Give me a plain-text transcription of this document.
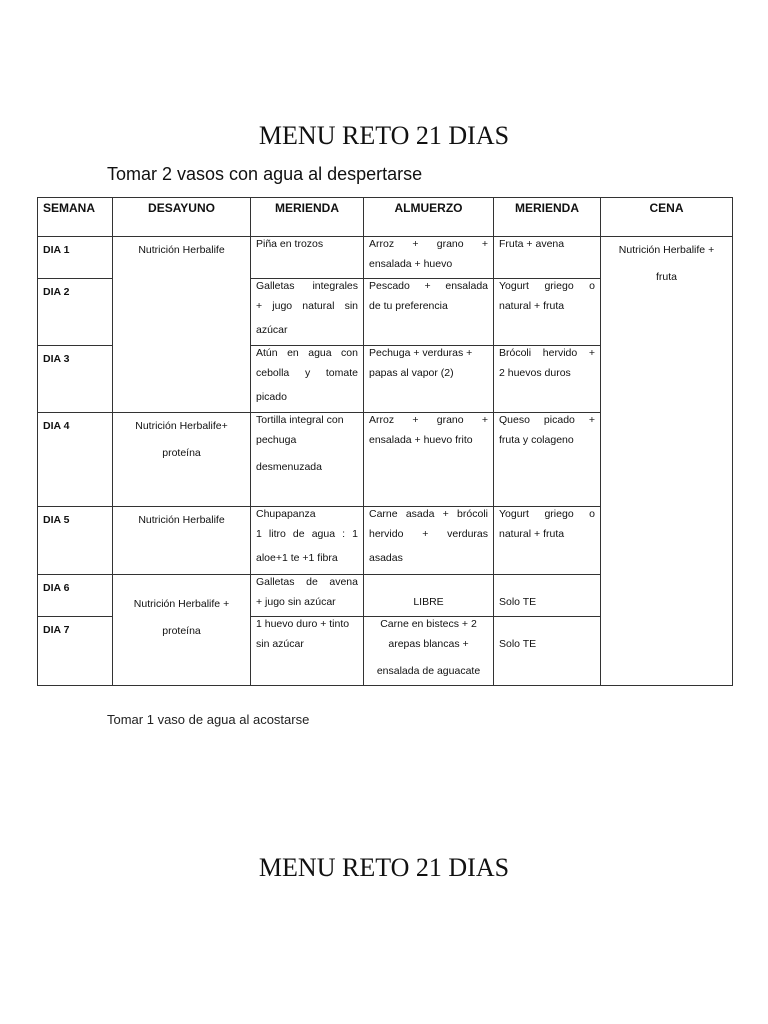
MENU RETO 21 DIAS
Tomar 2 vasos con agua al despertarse
SEMANA	DESAYUNO	MERIENDA	ALMUERZO	MERIENDA	CENA
DIA 1	Nutrición Herbalife	Piña en trozos	Arroz + grano +
ensalada + huevo	Fruta + avena	Nutrición Herbalife +
fruta

DIA 2		Galletas integrales
+ jugo natural sin
azúcar	Pescado + ensalada
de tu preferencia	Yogurt griego o
natural + fruta	

DIA 3		Atún en agua con
cebolla y tomate
picado	Pechuga + verduras +
papas al vapor (2)	Brócoli hervido +
2 huevos duros	

DIA 4	Nutrición Herbalife+
proteína	Tortilla integral con
pechuga
desmenuzada	Arroz + grano +
ensalada + huevo frito	Queso picado +
fruta y colageno	

DIA 5	Nutrición Herbalife	Chupapanza
1 litro de agua : 1
aloe+1 te +1 fibra	Carne asada + brócoli
hervido + verduras
asadas	Yogurt griego o
natural + fruta	

DIA 6	Nutrición Herbalife +
proteína	Galletas de avena
+ jugo sin azúcar	LIBRE	Solo TE	

DIA 7		1 huevo duro + tinto
sin azúcar	Carne en bistecs + 2
arepas blancas +
ensalada de aguacate	Solo TE	
Tomar 1 vaso de agua al acostarse
MENU RETO 21 DIAS
